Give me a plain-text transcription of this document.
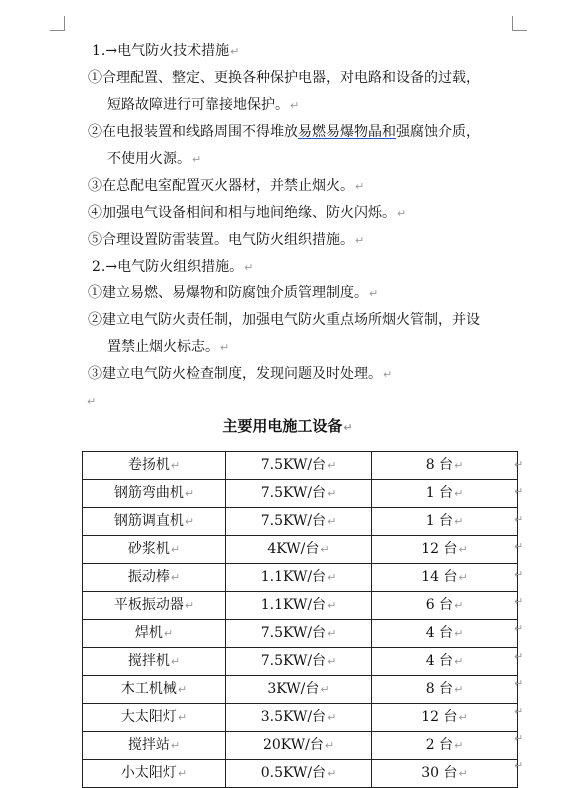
1.→电气防火技术措施↵
①合理配置、整定、更换各种保护电器，对电路和设备的过载，
短路故障进行可靠接地保护。↵
②在电报装置和线路周围不得堆放易燃易爆物晶和强腐蚀介质，
不使用火源。↵
③在总配电室配置灭火器材，并禁止烟火。↵
④加强电气设备相间和相与地间绝缘、防火闪烁。↵
⑤合理设置防雷装置。电气防火组织措施。↵
2.→电气防火组织措施。↵
①建立易燃、易爆物和防腐蚀介质管理制度。↵
②建立电气防火责任制，加强电气防火重点场所烟火管制，并设
置禁止烟火标志。↵
③建立电气防火检查制度，发现问题及时处理。↵
↵
主要用电施工设备↵
卷扬机↵	7.5KW/台↵	8 台↵
钢筋弯曲机↵	7.5KW/台↵	1 台↵
钢筋调直机↵	7.5KW/台↵	1 台↵
砂浆机↵	4KW/台↵	12 台↵
振动棒↵	1.1KW/台↵	14 台↵
平板振动器↵	1.1KW/台↵	6 台↵
焊机↵	7.5KW/台↵	4 台↵
搅拌机↵	7.5KW/台↵	4 台↵
木工机械↵	3KW/台↵	8 台↵
大太阳灯↵	3.5KW/台↵	12 台↵
搅拌站↵	20KW/台↵	2 台↵
小太阳灯↵	0.5KW/台↵	30 台↵
↵
↵
↵
↵
↵
↵
↵
↵
↵
↵
↵
↵
